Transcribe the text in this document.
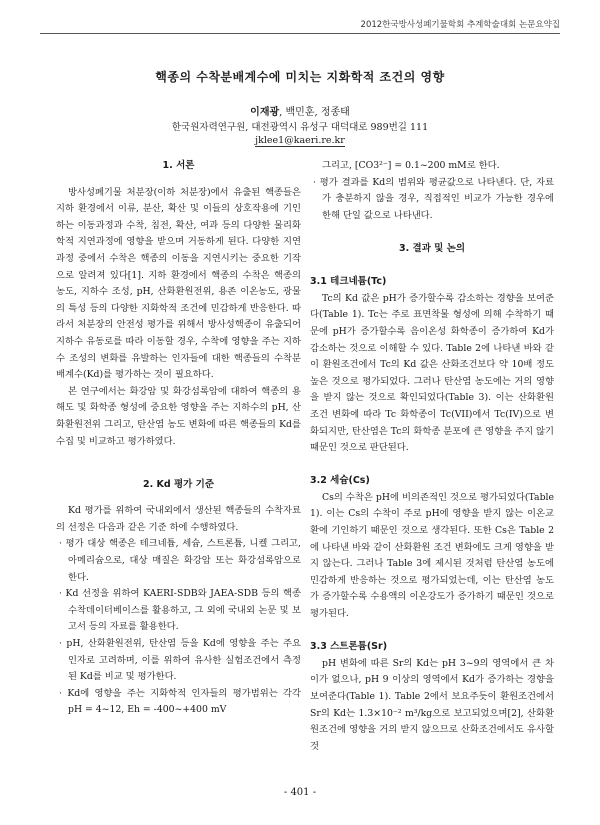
2012한국방사성폐기물학회 추계학술대회 논문요약집
핵종의 수착분배계수에 미치는 지화학적 조건의 영향
이재광, 백민훈, 정종태
한국원자력연구원, 대전광역시 유성구 대덕대로 989번길 111
jklee1@kaeri.re.kr
1. 서론

방사성폐기물 처분장(이하 처분장)에서 유출된 핵종들은 지하 환경에서 이류, 분산, 확산 및 이들의 상호작용에 기인하는 이동과정과 수착, 침전, 확산, 여과 등의 다양한 물리화학적 지연과정에 영향을 받으며 거동하게 된다. 다양한 지연과정 중에서 수착은 핵종의 이동을 지연시키는 중요한 기작으로 알려져 있다[1]. 지하 환경에서 핵종의 수착은 핵종의 농도, 지하수 조성, pH, 산화환원전위, 용존 이온농도, 광물의 특성 등의 다양한 지화학적 조건에 민감하게 반응한다. 따라서 처분장의 안전성 평가를 위해서 방사성핵종이 유출되어 지하수 유동로를 따라 이동할 경우, 수착에 영향을 주는 지하수 조성의 변화를 유발하는 인자들에 대한 핵종들의 수착분배계수(Kd)를 평가하는 것이 필요하다.

본 연구에서는 화강암 및 화강섬록암에 대하여 핵종의 용해도 및 화학종 형성에 중요한 영향을 주는 지하수의 pH, 산화환원전위 그리고, 탄산염 농도 변화에 따른 핵종들의 Kd를 수집 및 비교하고 평가하였다.

2. Kd 평가 기준

Kd 평가를 위하여 국내외에서 생산된 핵종들의 수착자료의 선정은 다음과 같은 기준 하에 수행하였다.

· 평가 대상 핵종은 테크네튬, 세슘, 스트론튬, 니켈 그리고, 아메리슘으로, 대상 매질은 화강암 또는 화강섬록암으로 한다.

· Kd 선정을 위하여 KAERI-SDB와 JAEA-SDB 등의 핵종 수착데이터베이스를 활용하고, 그 외에 국내외 논문 및 보고서 등의 자료를 활용한다.

· pH, 산화환원전위, 탄산염 등을 Kd에 영향을 주는 주요 인자로 고려하며, 이를 위하여 유사한 실험조건에서 측정된 Kd를 비교 및 평가한다.

· Kd에 영향을 주는 지화학적 인자들의 평가범위는 각각 pH = 4~12, Eh = -400~+400 mV

그리고, [CO3²⁻] = 0.1~200 mM로 한다.

· 평가 결과를 Kd의 범위와 평균값으로 나타낸다. 단, 자료가 충분하지 않을 경우, 직접적인 비교가 가능한 경우에 한해 단일 값으로 나타낸다.

3. 결과 및 논의
3.1 테크네튬(Tc)

Tc의 Kd 값은 pH가 증가할수록 감소하는 경향을 보여준다(Table 1). Tc는 주로 표면착물 형성에 의해 수착하기 때문에 pH가 증가할수록 음이온성 화학종이 증가하여 Kd가 감소하는 것으로 이해할 수 있다. Table 2에 나타낸 바와 같이 환원조건에서 Tc의 Kd 값은 산화조건보다 약 10배 정도 높은 것으로 평가되었다. 그러나 탄산염 농도에는 거의 영향을 받지 않는 것으로 확인되었다(Table 3). 이는 산화환원 조건 변화에 따라 Tc 화학종이 Tc(VII)에서 Tc(IV)으로 변화되지만, 탄산염은 Tc의 화학종 분포에 큰 영향을 주지 않기 때문인 것으로 판단된다.

3.2 세슘(Cs)

Cs의 수착은 pH에 비의존적인 것으로 평가되었다(Table 1). 이는 Cs의 수착이 주로 pH에 영향을 받지 않는 이온교환에 기인하기 때문인 것으로 생각된다. 또한 Cs은 Table 2에 나타낸 바와 같이 산화환원 조건 변화에도 크게 영향을 받지 않는다. 그러나 Table 3에 제시된 것처럼 탄산염 농도에 민감하게 반응하는 것으로 평가되었는데, 이는 탄산염 농도가 증가할수록 수용액의 이온강도가 증가하기 때문인 것으로 평가된다.

3.3 스트론튬(Sr)

pH 변화에 따른 Sr의 Kd는 pH 3~9의 영역에서 큰 차이가 없으나, pH 9 이상의 영역에서 Kd가 증가하는 경향을 보여준다(Table 1). Table 2에서 보요주듯이 환원조건에서 Sr의 Kd는 1.3×10⁻² m³/kg으로 보고되었으며[2], 산화환원조건에 영향을 거의 받지 않으므로 산화조건에서도 유사할 것

- 401 -
